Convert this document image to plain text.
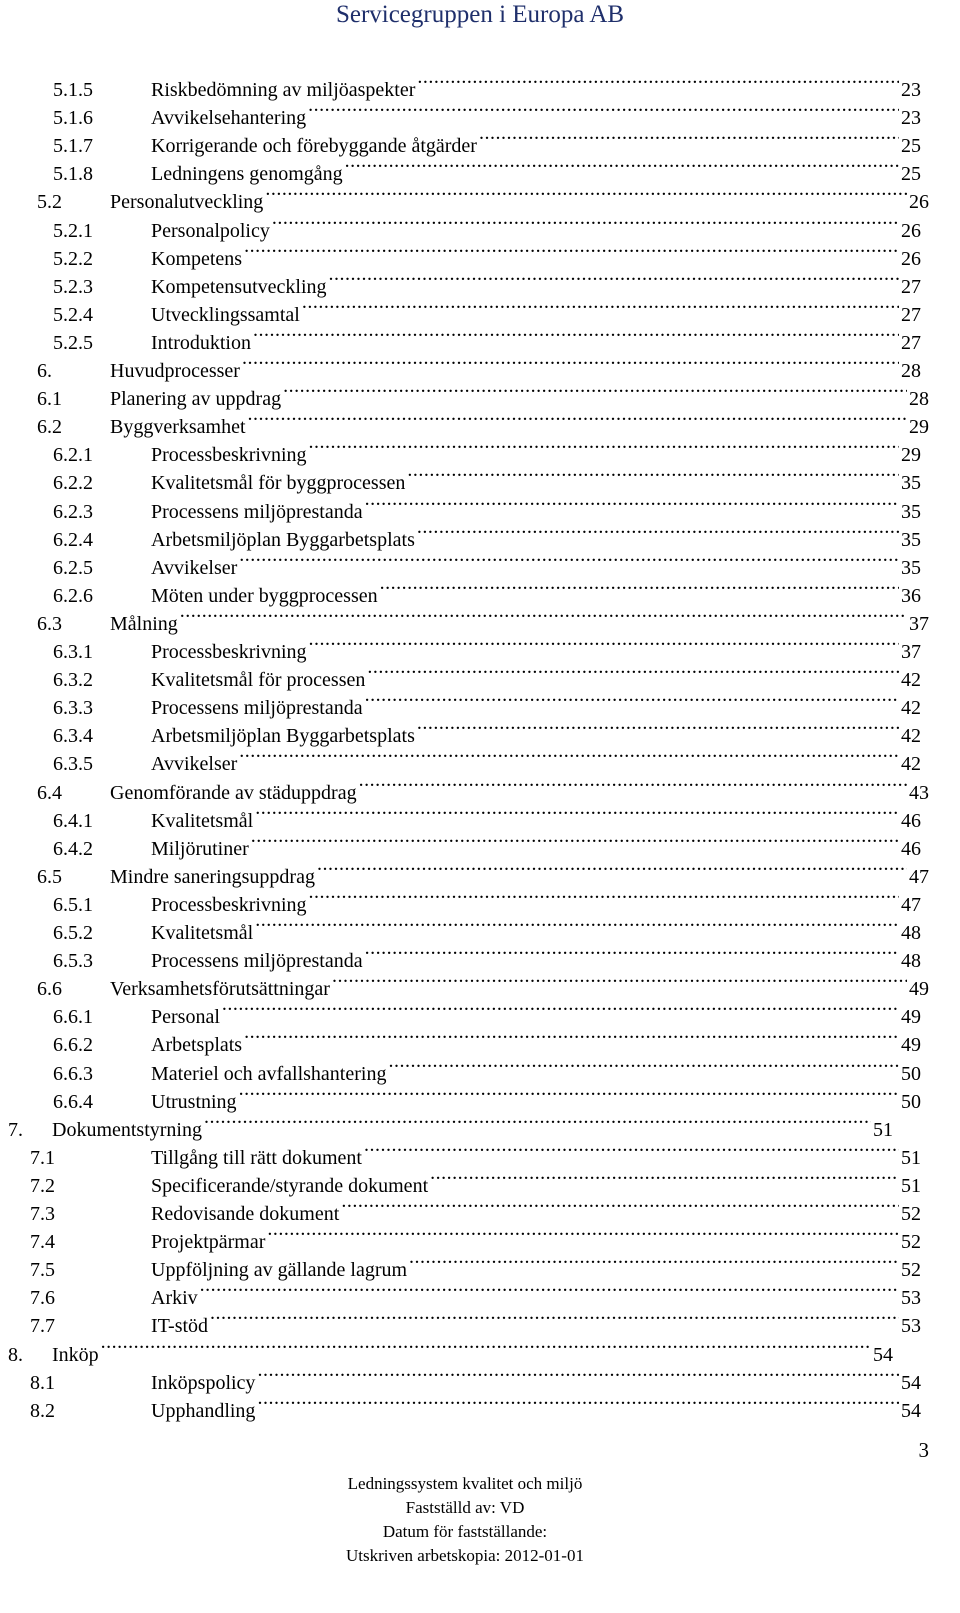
Servicegruppen i Europa AB
5.1.5	Riskbedömning av miljöaspekter .....	23
5.1.6	Avvikelsehantering .....	23
5.1.7	Korrigerande och förebyggande åtgärder .....	25
5.1.8	Ledningens genomgång .....	25
5.2	Personalutveckling .....	26
5.2.1	Personalpolicy .....	26
5.2.2	Kompetens .....	26
5.2.3	Kompetensutveckling .....	27
5.2.4	Utvecklingssamtal .....	27
5.2.5	Introduktion .....	27
6.	Huvudprocesser .....	28
6.1	Planering av uppdrag .....	28
6.2	Byggverksamhet .....	29
6.2.1	Processbeskrivning .....	29
6.2.2	Kvalitetsmål för byggprocessen .....	35
6.2.3	Processens miljöprestanda .....	35
6.2.4	Arbetsmiljöplan Byggarbetsplats .....	35
6.2.5	Avvikelser .....	35
6.2.6	Möten under byggprocessen .....	36
6.3	Målning .....	37
6.3.1	Processbeskrivning .....	37
6.3.2	Kvalitetsmål för processen .....	42
6.3.3	Processens miljöprestanda .....	42
6.3.4	Arbetsmiljöplan Byggarbetsplats .....	42
6.3.5	Avvikelser .....	42
6.4	Genomförande av städuppdrag .....	43
6.4.1	Kvalitetsmål .....	46
6.4.2	Miljörutiner .....	46
6.5	Mindre saneringsuppdrag .....	47
6.5.1	Processbeskrivning .....	47
6.5.2	Kvalitetsmål .....	48
6.5.3	Processens miljöprestanda .....	48
6.6	Verksamhetsförutsättningar .....	49
6.6.1	Personal .....	49
6.6.2	Arbetsplats .....	49
6.6.3	Materiel och avfallshantering .....	50
6.6.4	Utrustning .....	50
7.	Dokumentstyrning .....	51
7.1	Tillgång till rätt dokument .....	51
7.2	Specificerande/styrande dokument .....	51
7.3	Redovisande dokument .....	52
7.4	Projektpärmar .....	52
7.5	Uppföljning av gällande lagrum .....	52
7.6	Arkiv .....	53
7.7	IT-stöd .....	53
8.	Inköp .....	54
8.1	Inköpspolicy .....	54
8.2	Upphandling .....	54
3
Ledningssystem kvalitet och miljö
Fastställd av: VD
Datum för fastställande:
Utskriven arbetskopia: 2012-01-01
